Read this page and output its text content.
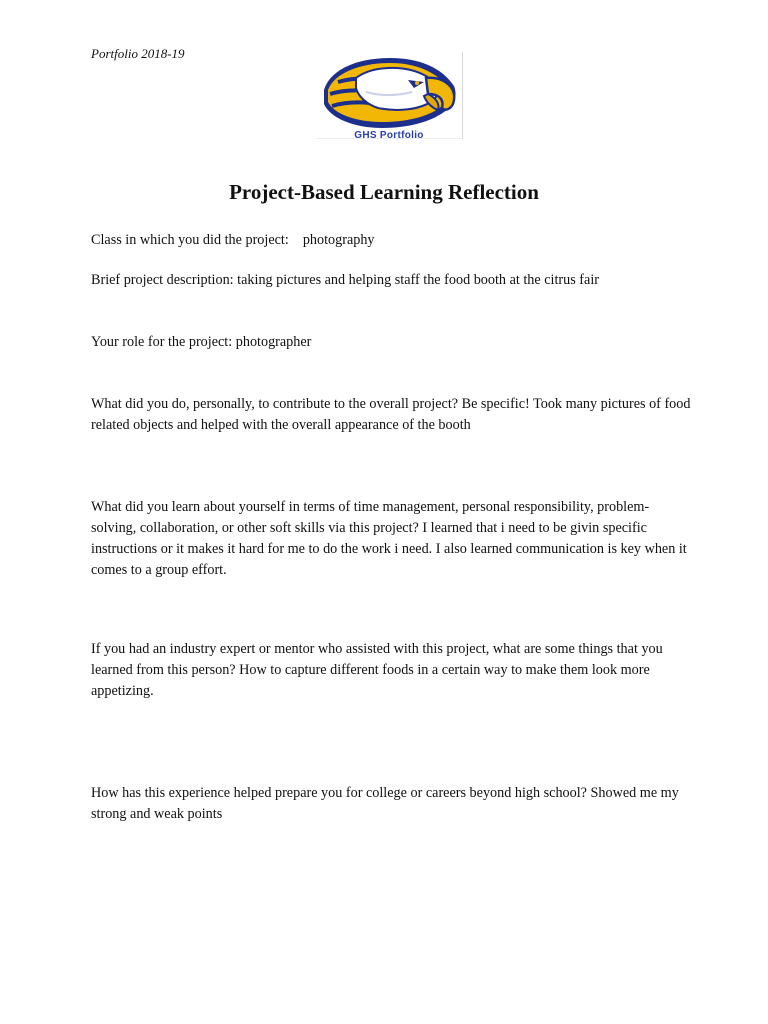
Portfolio 2018-19
GHS Portfolio
Project-Based Learning Reflection
Class in which you did the project: photography
Brief project description: taking pictures and helping staff the food booth at the citrus fair
Your role for the project: photographer
What did you do, personally, to contribute to the overall project? Be specific! Took many pictures of food related objects and helped with the overall appearance of the booth
What did you learn about yourself in terms of time management, personal responsibility, problem-solving, collaboration, or other soft skills via this project? I learned that i need to be givin specific instructions or it makes it hard for me to do the work i need. I also learned communication is key when it comes to a group effort.
If you had an industry expert or mentor who assisted with this project, what are some things that you learned from this person? How to capture different foods in a certain way to make them look more appetizing.
How has this experience helped prepare you for college or careers beyond high school? Showed me my strong and weak points
